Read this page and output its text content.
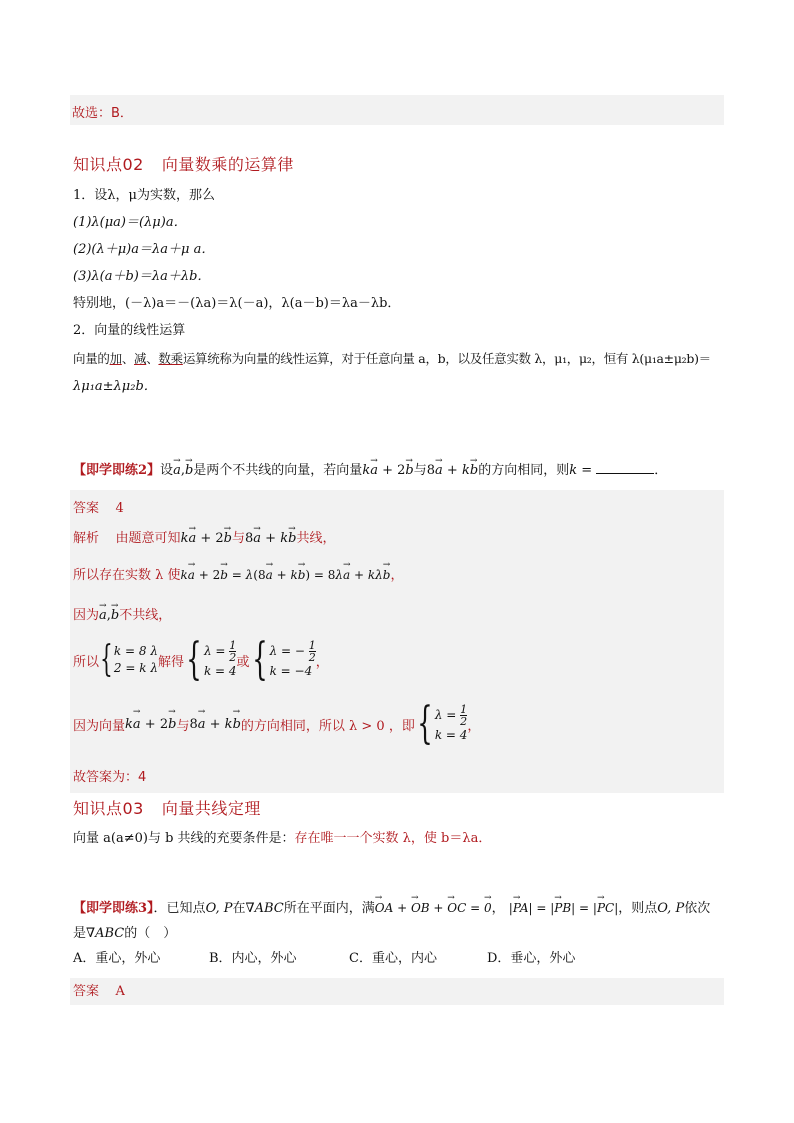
故选：B．
知识点02 向量数乘的运算律
1．设λ，μ为实数，那么
(1)λ(μa)＝(λμ)a．
(2)(λ＋μ)a＝λa＋μ a．
(3)λ(a＋b)＝λa＋λb．
特别地，(－λ)a＝－(λa)＝λ(－a)，λ(a－b)＝λa－λb．
2．向量的线性运算
向量的加、减、数乘运算统称为向量的线性运算，对于任意向量 a，b，以及任意实数 λ，μ₁，μ₂，恒有 λ(μ₁a±μ₂b)＝
λμ₁a±λμ₂b．
【即学即练2】设→ a,→ b是两个不共线的向量，若向量k→ a + 2→ b与8→ a + k→ b的方向相同，则k =	．
答案 4
解析 由题意可知k→ a + 2→ b与8→ a + k→ b共线，
所以存在实数 λ 使k→ a + 2→ b = λ(8→ a + k→ b) = 8λ→ a + kλ→ b，
因为→ a,→ b不共线，
所以 { k = 8 λ
2 = k λ 解得 { $\lambda = \frac{1}{2}$
k = 4
或 { λ = − $\frac{1}{2}$
k = −4
，
因为向量 k→ a + 2→ b 与 8→ a + k→ b 的方向相同，所以 λ > 0 ，即 { $\lambda = \frac{1}{2}$
k = 4
，
故答案为：4
知识点03 向量共线定理
向量 a(a≠0)与 b 共线的充要条件是：存在唯一一个实数 λ，使 b＝λa．
【即学即练3】．已知点O, P在∇ABC所在平面内，满→ OA + → OB + → OC = → 0， |→ PA| = |→ PB| = |→ PC|，则点O, P依次
是∇ABC的（　）
A．重心，外心	B．内心，外心	C．重心，内心	D．垂心，外心
答案 A
